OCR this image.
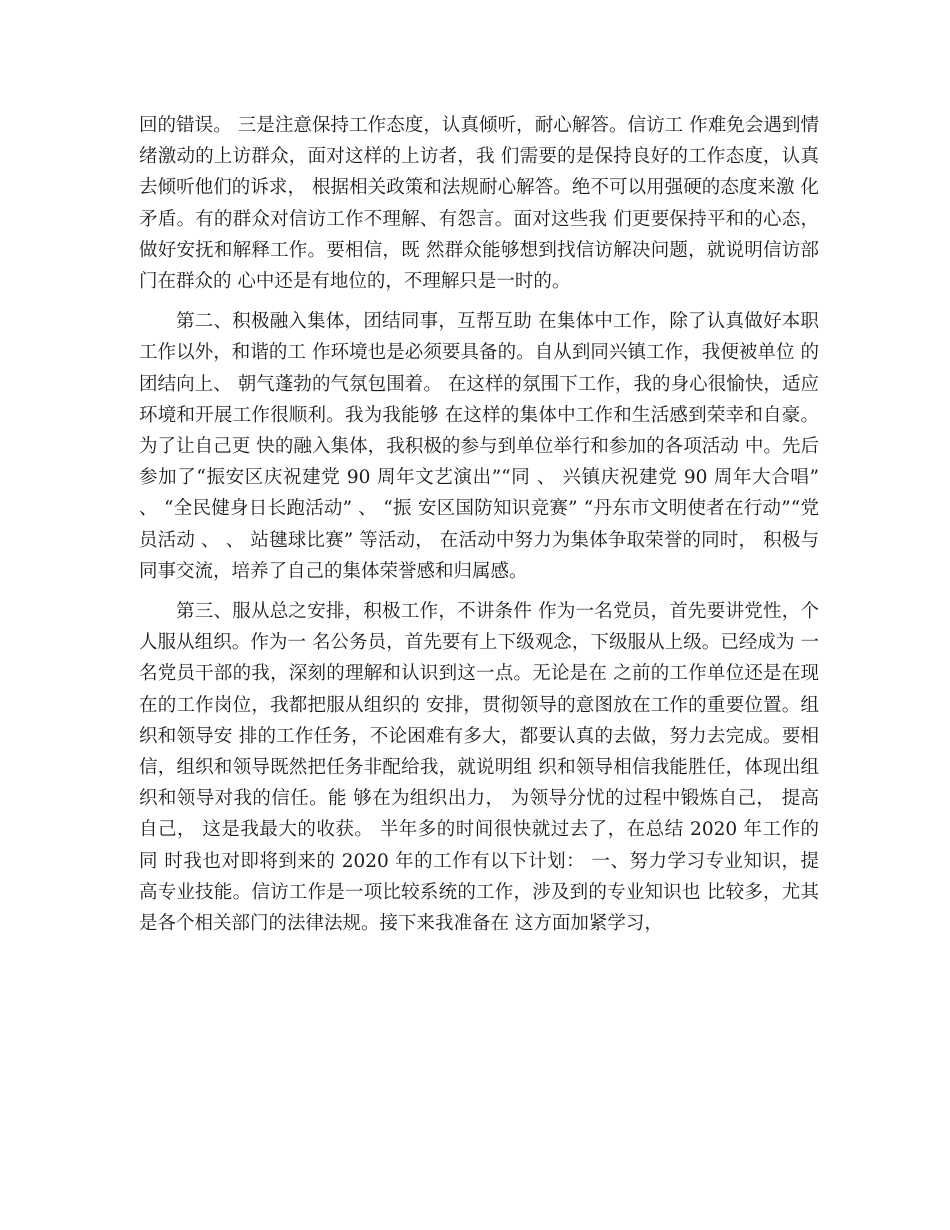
回的错误。 三是注意保持工作态度，认真倾听，耐心解答。信访工 作难免会遇到情绪激动的上访群众，面对这样的上访者，我 们需要的是保持良好的工作态度，认真去倾听他们的诉求， 根据相关政策和法规耐心解答。绝不可以用强硬的态度来激 化矛盾。有的群众对信访工作不理解、有怨言。面对这些我 们更要保持平和的心态，做好安抚和解释工作。要相信，既 然群众能够想到找信访解决问题，就说明信访部门在群众的 心中还是有地位的，不理解只是一时的。

第二、积极融入集体，团结同事，互帮互助 在集体中工作，除了认真做好本职工作以外，和谐的工 作环境也是必须要具备的。自从到同兴镇工作，我便被单位 的团结向上、 朝气蓬勃的气氛包围着。 在这样的氛围下工作，我的身心很愉快，适应环境和开展工作很顺利。我为我能够 在这样的集体中工作和生活感到荣幸和自豪。为了让自己更 快的融入集体，我积极的参与到单位举行和参加的各项活动 中。先后参加了“振安区庆祝建党 90 周年文艺演出”“同 、 兴镇庆祝建党 90 周年大合唱” 、 “全民健身日长跑活动” 、 “振 安区国防知识竞赛” “丹东市文明使者在行动”“党员活动 、 、 站毽球比赛” 等活动， 在活动中努力为集体争取荣誉的同时， 积极与同事交流，培养了自己的集体荣誉感和归属感。

第三、服从总之安排，积极工作，不讲条件 作为一名党员，首先要讲党性，个人服从组织。作为一 名公务员，首先要有上下级观念，下级服从上级。已经成为 一名党员干部的我，深刻的理解和认识到这一点。无论是在 之前的工作单位还是在现在的工作岗位，我都把服从组织的 安排，贯彻领导的意图放在工作的重要位置。组织和领导安 排的工作任务，不论困难有多大，都要认真的去做，努力去完成。要相信，组织和领导既然把任务非配给我，就说明组 织和领导相信我能胜任，体现出组织和领导对我的信任。能 够在为组织出力， 为领导分忧的过程中锻炼自己， 提高自己， 这是我最大的收获。 半年多的时间很快就过去了，在总结 2020 年工作的同 时我也对即将到来的 2020 年的工作有以下计划： 一、努力学习专业知识，提高专业技能。信访工作是一项比较系统的工作，涉及到的专业知识也 比较多，尤其是各个相关部门的法律法规。接下来我准备在 这方面加紧学习，
